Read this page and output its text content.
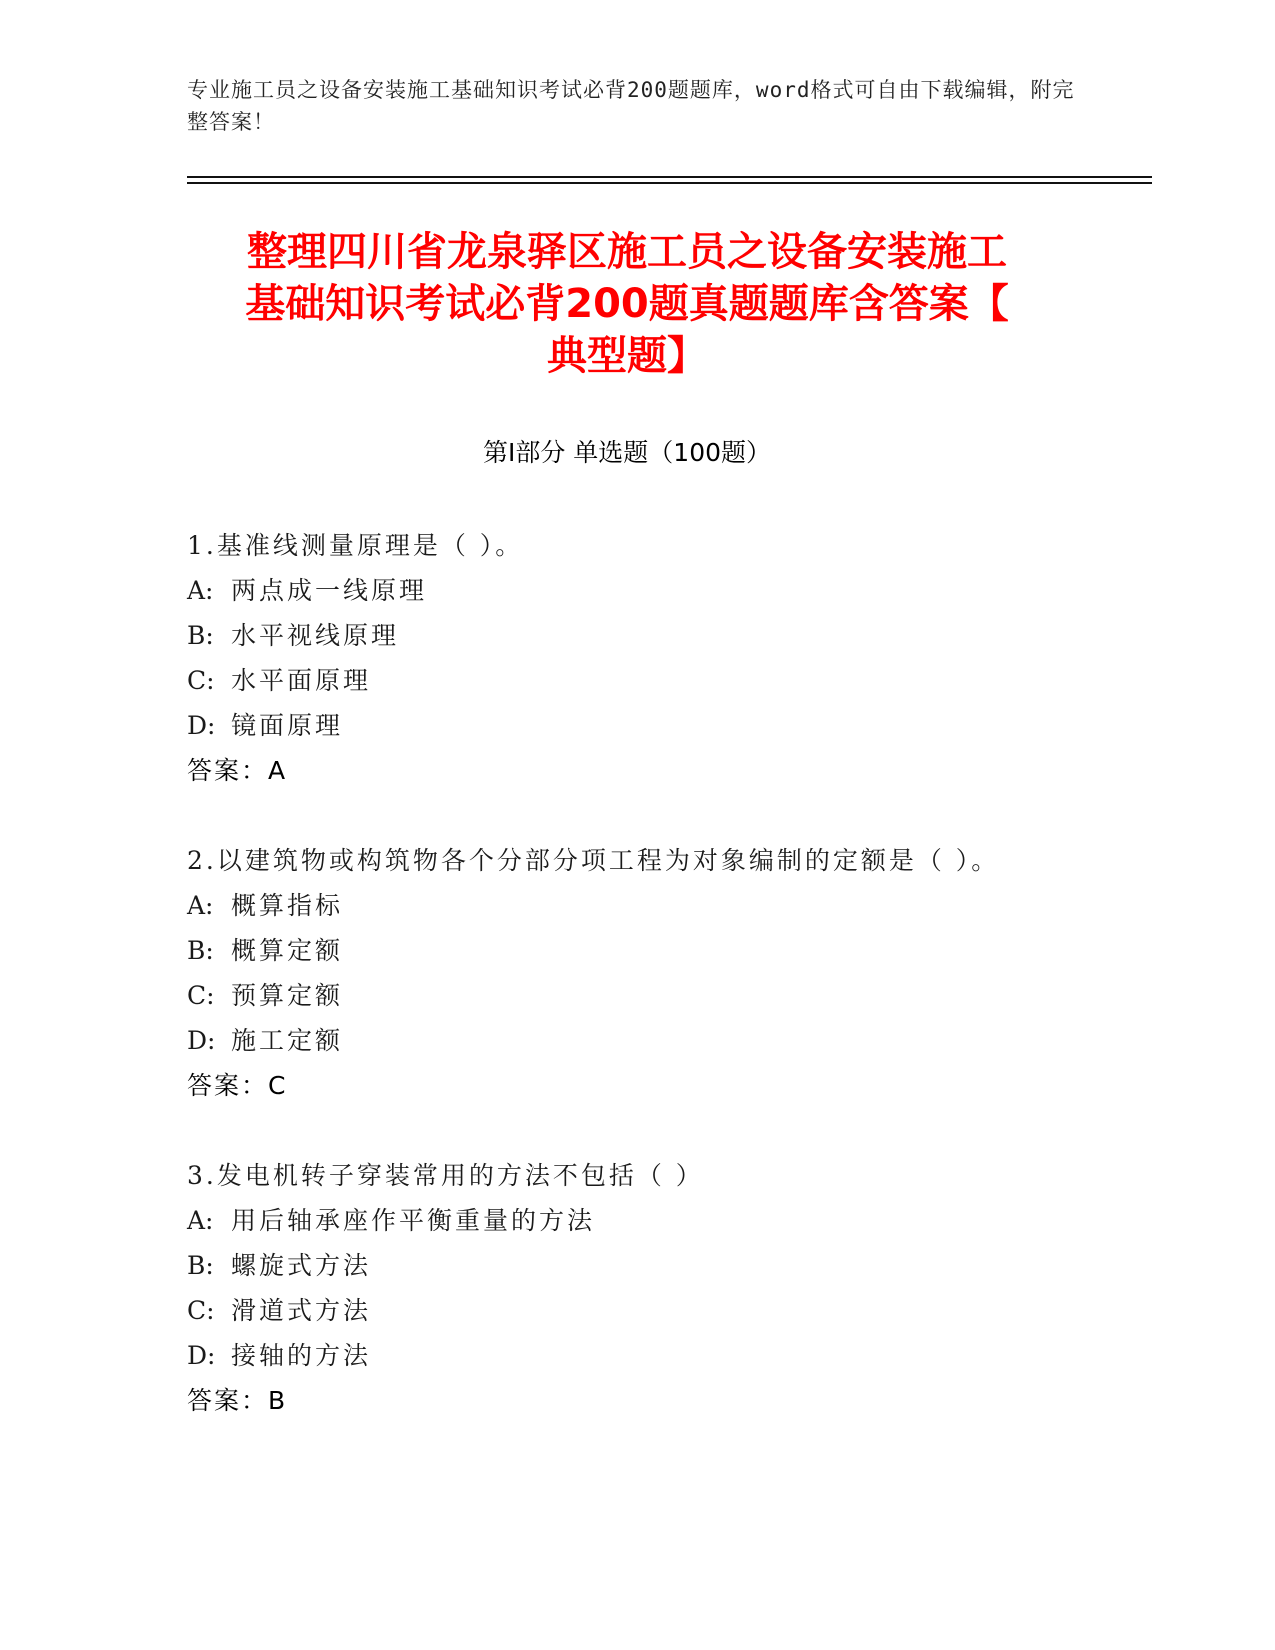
专业施工员之设备安装施工基础知识考试必背200题题库，word格式可自由下载编辑，附完整答案！
整理四川省龙泉驿区施工员之设备安装施工
基础知识考试必背200题真题题库含答案【
典型题】
第Ⅰ部分 单选题（100题）
1.基准线测量原理是（ ）。
A: 两点成一线原理
B: 水平视线原理
C: 水平面原理
D: 镜面原理
答案：A
2.以建筑物或构筑物各个分部分项工程为对象编制的定额是（ ）。
A: 概算指标
B: 概算定额
C: 预算定额
D: 施工定额
答案：C
3.发电机转子穿装常用的方法不包括（ ）
A: 用后轴承座作平衡重量的方法
B: 螺旋式方法
C: 滑道式方法
D: 接轴的方法
答案：B
